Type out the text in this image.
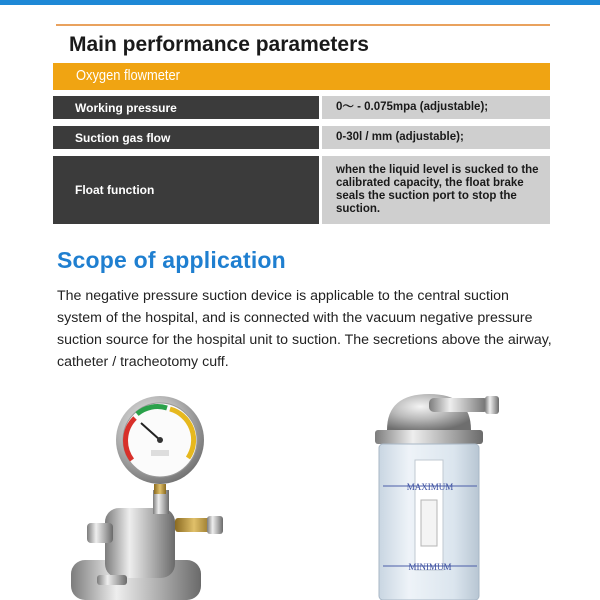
Main performance parameters
Oxygen flowmeter
Working pressure	0～ - 0.075mpa (adjustable);
Suction gas flow	0-30l / mm (adjustable);
Float function
when the liquid level is sucked to the calibrated capacity, the float brake seals the suction port to stop the suction.
Scope of application

The negative pressure suction device is applicable to the central suction system of the hospital, and is connected with the vacuum negative pressure suction source for the hospital unit to suction. The secretions above the airway, catheter / tracheotomy cuff.

MAXIMUM
MINIMUM
